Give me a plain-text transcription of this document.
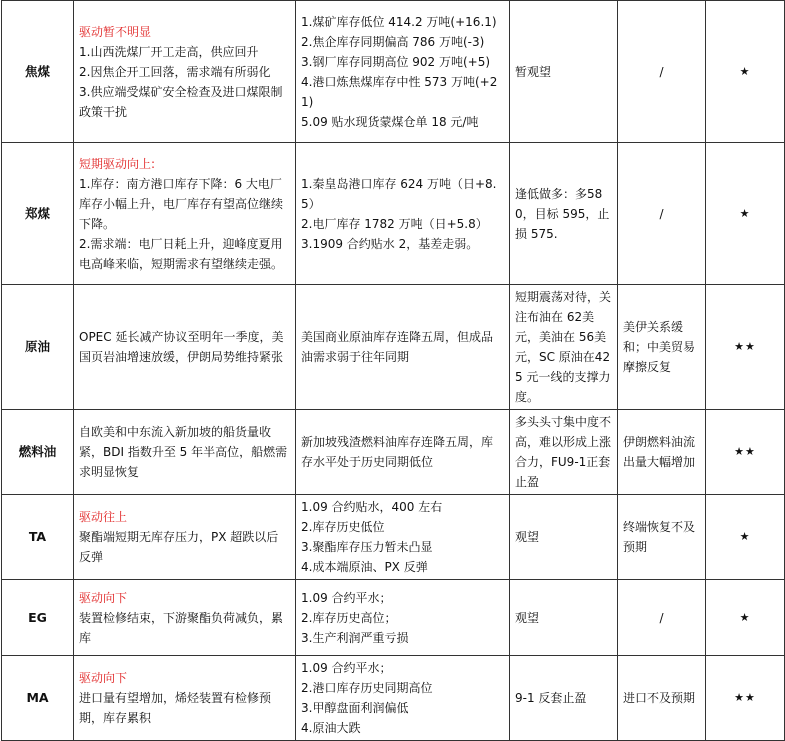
焦煤	驱动暂不明显
1.山西洗煤厂开工走高，供应回升
2.因焦企开工回落，需求端有所弱化
3.供应端受煤矿安全检查及进口煤限制政策干扰	1.煤矿库存低位 414.2 万吨(+16.1)
2.焦企库存同期偏高 786 万吨(-3)
3.钢厂库存同期高位 902 万吨(+5)
4.港口炼焦煤库存中性 573 万吨(+21)
5.09 贴水现货蒙煤仓单 18 元/吨	暂观望	/	★
郑煤	短期驱动向上:
1.库存：南方港口库存下降：6 大电厂库存小幅上升，电厂库存有望高位继续下降。
2.需求端：电厂日耗上升，迎峰度夏用电高峰来临，短期需求有望继续走强。	1.秦皇岛港口库存 624 万吨（日+8.5）
2.电厂库存 1782 万吨（日+5.8）
3.1909 合约贴水 2，基差走弱。	逢低做多：多580，目标 595，止损 575.	/	★
原油	OPEC 延长减产协议至明年一季度，美国页岩油增速放缓，伊朗局势维持紧张	美国商业原油库存连降五周，但成品油需求弱于往年同期	短期震荡对待，关注布油在 62美元，美油在 56美元，SC 原油在425 元一线的支撑力度。	美伊关系缓和；中美贸易摩擦反复	★★
燃料油	自欧美和中东流入新加坡的船货量收紧，BDI 指数升至 5 年半高位，船燃需求明显恢复	新加坡残渣燃料油库存连降五周，库存水平处于历史同期低位	多头头寸集中度不高，难以形成上涨合力，FU9-1正套止盈	伊朗燃料油流出量大幅增加	★★
TA	驱动往上
聚酯端短期无库存压力，PX 超跌以后反弹	1.09 合约贴水，400 左右
2.库存历史低位
3.聚酯库存压力暂未凸显
4.成本端原油、PX 反弹	观望	终端恢复不及预期	★
EG	驱动向下
装置检修结束，下游聚酯负荷减负，累库	1.09 合约平水；
2.库存历史高位；
3.生产利润严重亏损	观望	/	★
MA	驱动向下
进口量有望增加，烯烃装置有检修预期，库存累积	1.09 合约平水；
2.港口库存历史同期高位
3.甲醇盘面利润偏低
4.原油大跌	9-1 反套止盈	进口不及预期	★★
